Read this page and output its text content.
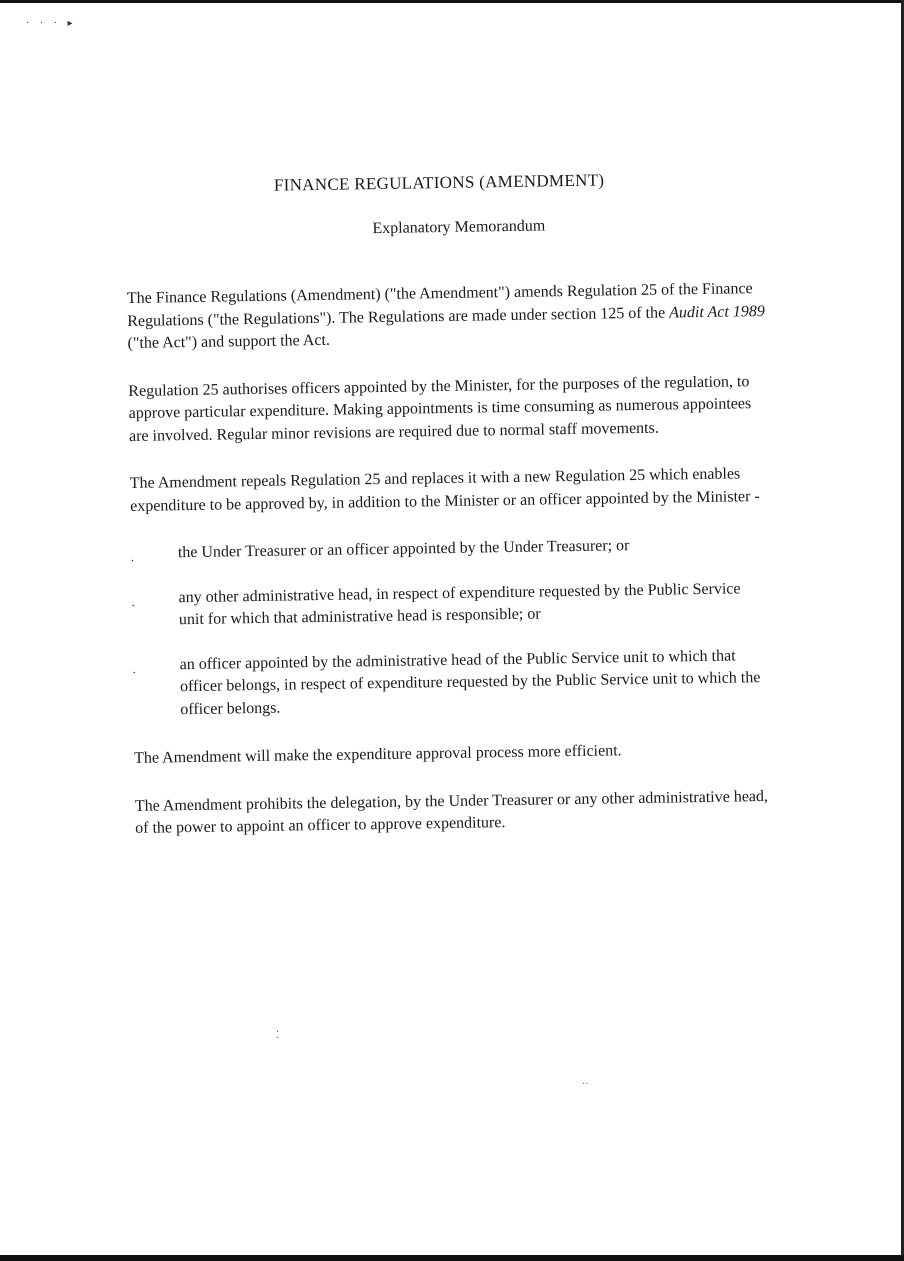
· · · ▸
FINANCE REGULATIONS (AMENDMENT)
Explanatory Memorandum

The Finance Regulations (Amendment) ("the Amendment") amends Regulation 25 of the Finance Regulations ("the Regulations"). The Regulations are made under section 125 of the Audit Act 1989 ("the Act") and support the Act.

Regulation 25 authorises officers appointed by the Minister, for the purposes of the regulation, to approve particular expenditure. Making appointments is time consuming as numerous appointees are involved. Regular minor revisions are required due to normal staff movements.

The Amendment repeals Regulation 25 and replaces it with a new Regulation 25 which enables expenditure to be approved by, in addition to the Minister or an officer appointed by the Minister -

.	the Under Treasurer or an officer appointed by the Under Treasurer; or
.	any other administrative head, in respect of expenditure requested by the Public Service unit for which that administrative head is responsible; or
.	an officer appointed by the administrative head of the Public Service unit to which that officer belongs, in respect of expenditure requested by the Public Service unit to which the officer belongs.

The Amendment will make the expenditure approval process more efficient.

The Amendment prohibits the delegation, by the Under Treasurer or any other administrative head, of the power to appoint an officer to approve expenditure.

⁚
‥
